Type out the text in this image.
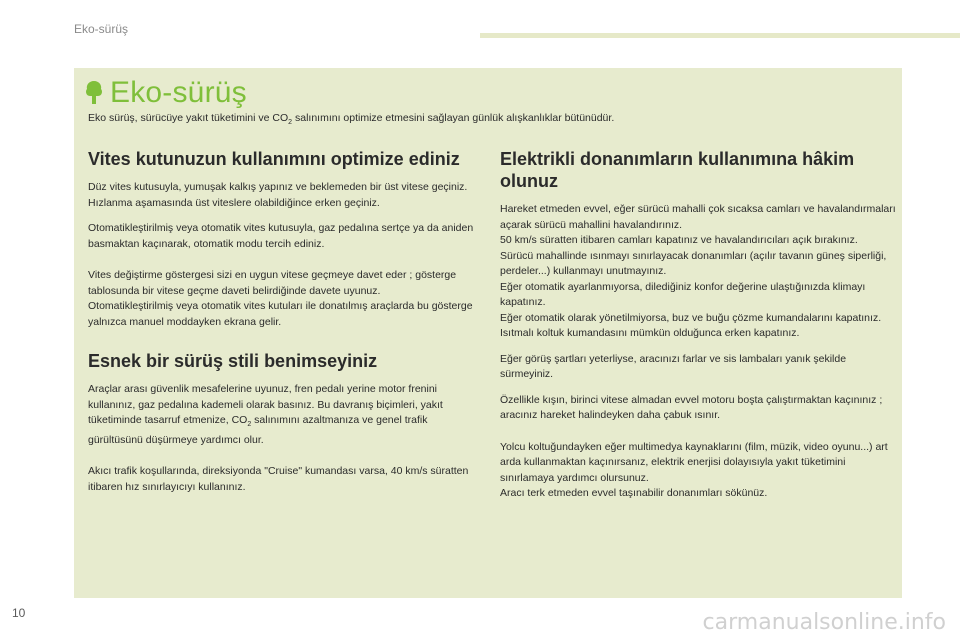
Eko-sürüş
Eko-sürüş
Eko sürüş, sürücüye yakıt tüketimini ve $CO_2$ salınımını optimize etmesini sağlayan günlük alışkanlıklar bütünüdür.
Vites kutunuzun kullanımını optimize ediniz

Düz vites kutusuyla, yumuşak kalkış yapınız ve beklemeden bir üst vitese geçiniz. Hızlanma aşamasında üst viteslere olabildiğince erken geçiniz.

Otomatikleştirilmiş veya otomatik vites kutusuyla, gaz pedalına sertçe ya da aniden basmaktan kaçınarak, otomatik modu tercih ediniz.

Vites değiştirme göstergesi sizi en uygun vitese geçmeye davet eder ; gösterge tablosunda bir vitese geçme daveti belirdiğinde davete uyunuz.

Otomatikleştirilmiş veya otomatik vites kutuları ile donatılmış araçlarda bu gösterge yalnızca manuel moddayken ekrana gelir.

Esnek bir sürüş stili benimseyiniz

Araçlar arası güvenlik mesafelerine uyunuz, fren pedalı yerine motor frenini kullanınız, gaz pedalına kademeli olarak basınız. Bu davranış biçimleri, yakıt tüketiminde tasarruf etmenize, $CO_2$ salınımını azaltmanıza ve genel trafik gürültüsünü düşürmeye yardımcı olur.

Akıcı trafik koşullarında, direksiyonda "Cruise" kumandası varsa, 40 km/s süratten itibaren hız sınırlayıcıyı kullanınız.

Elektrikli donanımların kullanımına hâkim olunuz

Hareket etmeden evvel, eğer sürücü mahalli çok sıcaksa camları ve havalandırmaları açarak sürücü mahallini havalandırınız.

50 km/s süratten itibaren camları kapatınız ve havalandırıcıları açık bırakınız.

Sürücü mahallinde ısınmayı sınırlayacak donanımları (açılır tavanın güneş siperliği, perdeler...) kullanmayı unutmayınız.

Eğer otomatik ayarlanmıyorsa, dilediğiniz konfor değerine ulaştığınızda klimayı kapatınız.

Eğer otomatik olarak yönetilmiyorsa, buz ve buğu çözme kumandalarını kapatınız.

Isıtmalı koltuk kumandasını mümkün olduğunca erken kapatınız.

Eğer görüş şartları yeterliyse, aracınızı farlar ve sis lambaları yanık şekilde sürmeyiniz.

Özellikle kışın, birinci vitese almadan evvel motoru boşta çalıştırmaktan kaçınınız ; aracınız hareket halindeyken daha çabuk ısınır.

Yolcu koltuğundayken eğer multimedya kaynaklarını (film, müzik, video oyunu...) art arda kullanmaktan kaçınırsanız, elektrik enerjisi dolayısıyla yakıt tüketimini sınırlamaya yardımcı olursunuz.

Aracı terk etmeden evvel taşınabilir donanımları sökünüz.

10	carmanualsonline.info
